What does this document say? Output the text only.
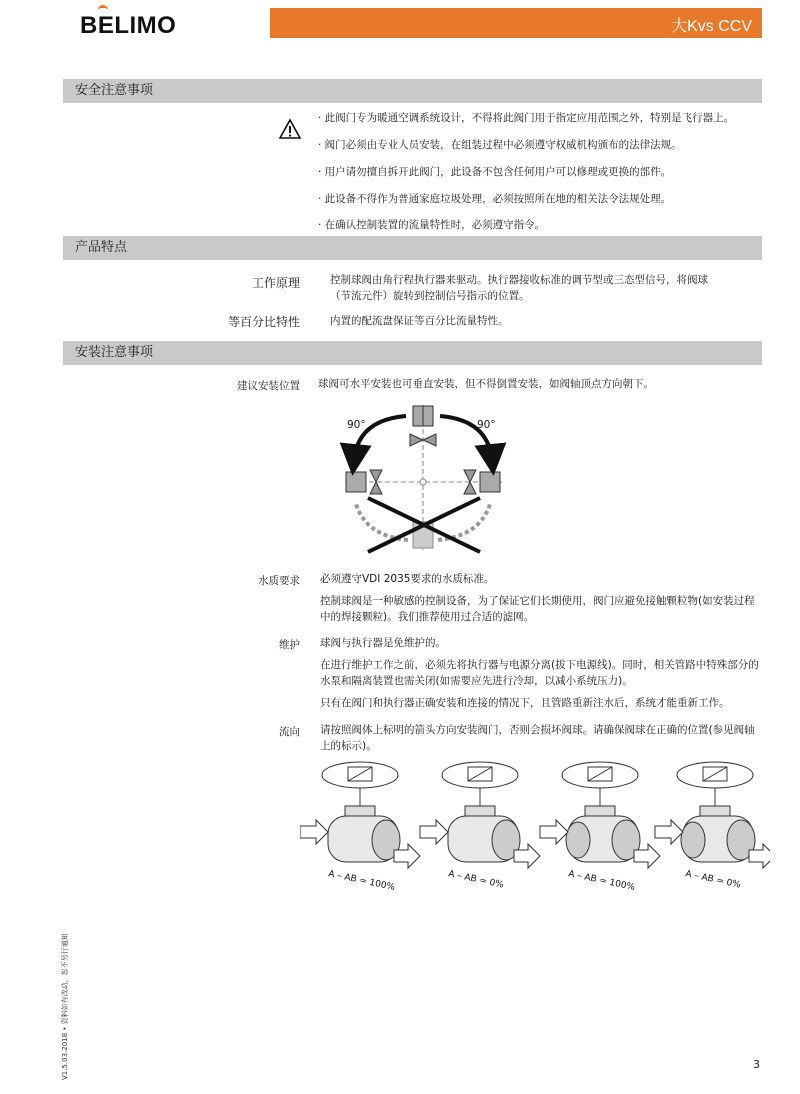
BELIMO	大Kvs CCV
安全注意事项
· 此阀门专为暖通空调系统设计，不得将此阀门用于指定应用范围之外，特别是飞行器上。
· 阀门必须由专业人员安装，在组装过程中必须遵守权威机构颁布的法律法规。
· 用户请勿擅自拆开此阀门，此设备不包含任何用户可以修理或更换的部件。
· 此设备不得作为普通家庭垃圾处理，必须按照所在地的相关法令法规处理。
· 在确认控制装置的流量特性时，必须遵守指令。
产品特点
工作原理	控制球阀由角行程执行器来驱动。执行器接收标准的调节型或三态型信号，将阀球

（节流元件）旋转到控制信号指示的位置。

等百分比特性	内置的配流盘保证等百分比流量特性。
安装注意事项
建议安装位置 球阀可水平安装也可垂直安装，但不得倒置安装，如阀轴顶点方向朝下。
90°	90°
水质要求 必须遵守VDI 2035要求的水质标准。

控制球阀是一种敏感的控制设备，为了保证它们长期使用，阀门应避免接触颗粒物(如安装过程中的焊接颗粒)。我们推荐使用过合适的滤网。

维护 球阀与执行器是免维护的。

在进行维护工作之前，必须先将执行器与电源分离(拔下电源线)。同时，相关管路中特殊部分的水泵和隔离装置也需关闭(如需要应先进行冷却，以减小系统压力)。

只有在阀门和执行器正确安装和连接的情况下，且管路重新注水后，系统才能重新工作。

流向 请按照阀体上标明的箭头方向安装阀门，否则会损坏阀球。请确保阀球在正确的位置(参见阀轴上的标示)。
A – AB = 100%	A – AB = 0%	A – AB = 100%	A – AB = 0%
V1.5.03.2018 • 资料如有改动，恕不另行通知	3
